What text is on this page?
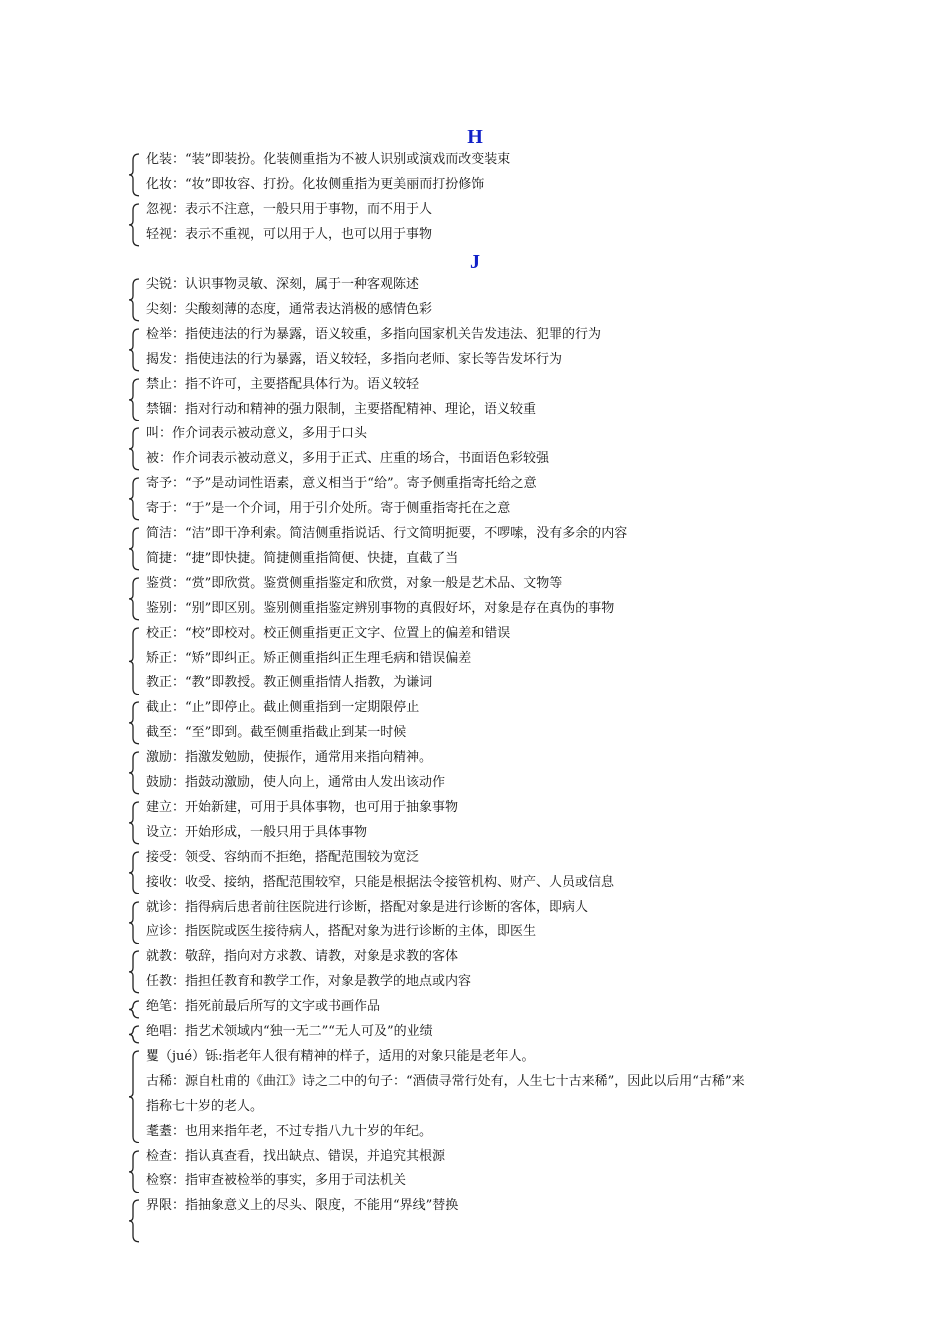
H
化装：“装”即装扮。化装侧重指为不被人识别或演戏而改变装束
化妆：“妆”即妆容、打扮。化妆侧重指为更美丽而打扮修饰
忽视：表示不注意，一般只用于事物，而不用于人
轻视：表示不重视，可以用于人，也可以用于事物
J
尖锐：认识事物灵敏、深刻，属于一种客观陈述
尖刻：尖酸刻薄的态度，通常表达消极的感情色彩
检举：指使违法的行为暴露，语义较重，多指向国家机关告发违法、犯罪的行为
揭发：指使违法的行为暴露，语义较轻，多指向老师、家长等告发坏行为
禁止：指不许可，主要搭配具体行为。语义较轻
禁锢：指对行动和精神的强力限制，主要搭配精神、理论，语义较重
叫：作介词表示被动意义，多用于口头
被：作介词表示被动意义，多用于正式、庄重的场合，书面语色彩较强
寄予：“予”是动词性语素，意义相当于“给”。寄予侧重指寄托给之意
寄于：“于”是一个介词，用于引介处所。寄于侧重指寄托在之意
简洁：“洁”即干净利索。简洁侧重指说话、行文简明扼要，不啰嗦，没有多余的内容
简捷：“捷”即快捷。简捷侧重指简便、快捷，直截了当
鉴赏：“赏”即欣赏。鉴赏侧重指鉴定和欣赏，对象一般是艺术品、文物等
鉴别：“别”即区别。鉴别侧重指鉴定辨别事物的真假好坏，对象是存在真伪的事物
校正：“校”即校对。校正侧重指更正文字、位置上的偏差和错误
矫正：“矫”即纠正。矫正侧重指纠正生理毛病和错误偏差
教正：“教”即教授。教正侧重指情人指教，为谦词
截止：“止”即停止。截止侧重指到一定期限停止
截至：“至”即到。截至侧重指截止到某一时候
激励：指激发勉励，使振作，通常用来指向精神。
鼓励：指鼓动激励，使人向上，通常由人发出该动作
建立：开始新建，可用于具体事物，也可用于抽象事物
设立：开始形成，一般只用于具体事物
接受：领受、容纳而不拒绝，搭配范围较为宽泛
接收：收受、接纳，搭配范围较窄，只能是根据法令接管机构、财产、人员或信息
就诊：指得病后患者前往医院进行诊断，搭配对象是进行诊断的客体，即病人
应诊：指医院或医生接待病人，搭配对象为进行诊断的主体，即医生
就教：敬辞，指向对方求教、请教，对象是求教的客体
任教：指担任教育和教学工作，对象是教学的地点或内容
绝笔：指死前最后所写的文字或书画作品
绝唱：指艺术领域内“独一无二”“无人可及”的业绩
矍（jué）铄:指老年人很有精神的样子，适用的对象只能是老年人。
古稀：源自杜甫的《曲江》诗之二中的句子：“酒债寻常行处有，人生七十古来稀”，因此以后用“古稀”来
指称七十岁的老人。
耄耋：也用来指年老，不过专指八九十岁的年纪。
检查：指认真查看，找出缺点、错误，并追究其根源
检察：指审查被检举的事实，多用于司法机关
界限：指抽象意义上的尽头、限度，不能用“界线”替换
